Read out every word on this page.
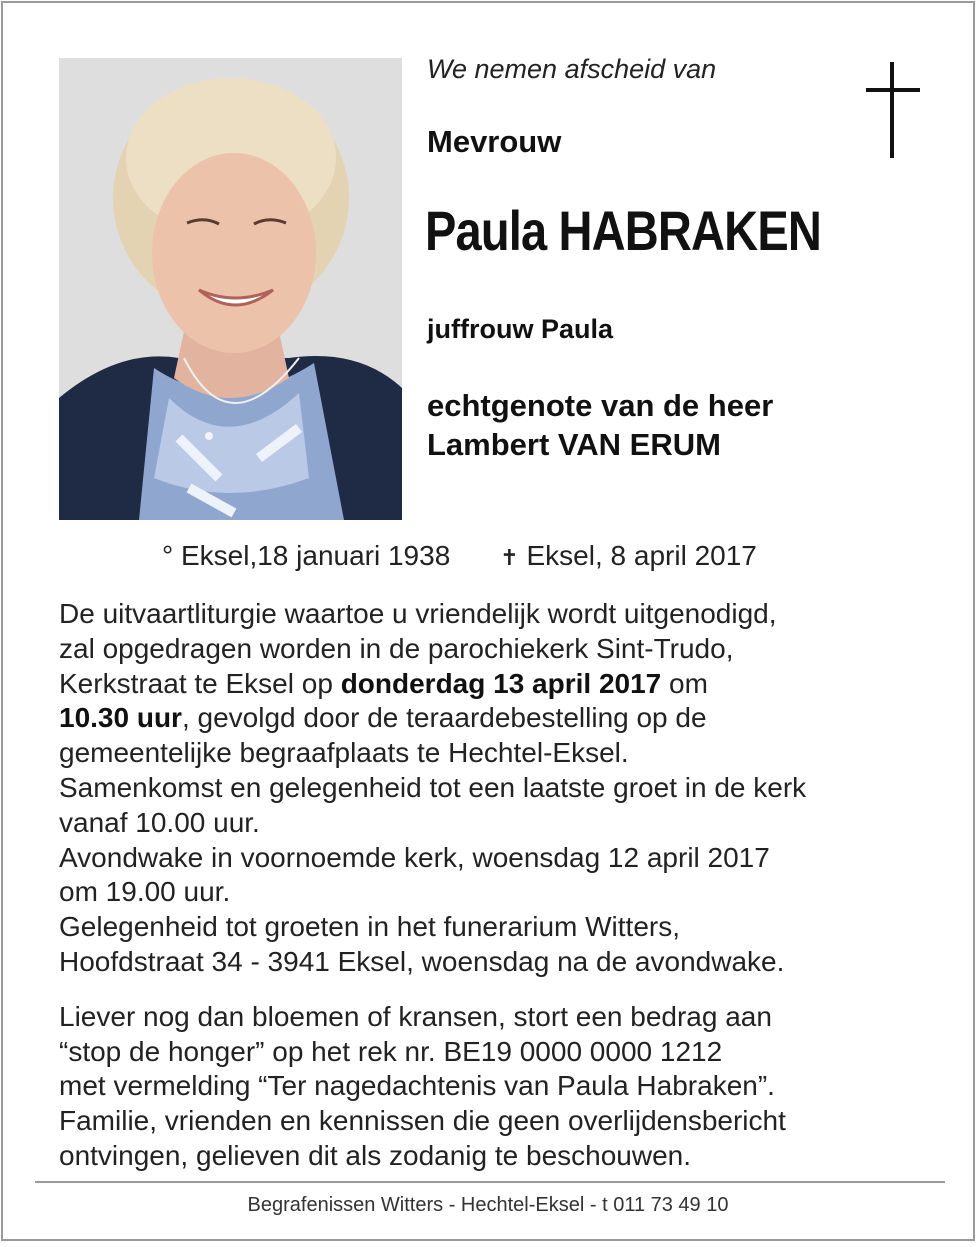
We nemen afscheid van
Mevrouw
Paula HABRAKEN
juffrouw Paula
echtgenote van de heer
Lambert VAN ERUM
° Eksel,18 januari 1938 ✝ Eksel, 8 april 2017
De uitvaartliturgie waartoe u vriendelijk wordt uitgenodigd,
zal opgedragen worden in de parochiekerk Sint-Trudo,
Kerkstraat te Eksel op donderdag 13 april 2017 om
10.30 uur, gevolgd door de teraardebestelling op de
gemeentelijke begraafplaats te Hechtel-Eksel.
Samenkomst en gelegenheid tot een laatste groet in de kerk
vanaf 10.00 uur.
Avondwake in voornoemde kerk, woensdag 12 april 2017
om 19.00 uur.
Gelegenheid tot groeten in het funerarium Witters,
Hoofdstraat 34 - 3941 Eksel, woensdag na de avondwake.
Liever nog dan bloemen of kransen, stort een bedrag aan
“stop de honger” op het rek nr. BE19 0000 0000 1212
met vermelding “Ter nagedachtenis van Paula Habraken”.
Familie, vrienden en kennissen die geen overlijdensbericht
ontvingen, gelieven dit als zodanig te beschouwen.
Begrafenissen Witters - Hechtel-Eksel - t 011 73 49 10
